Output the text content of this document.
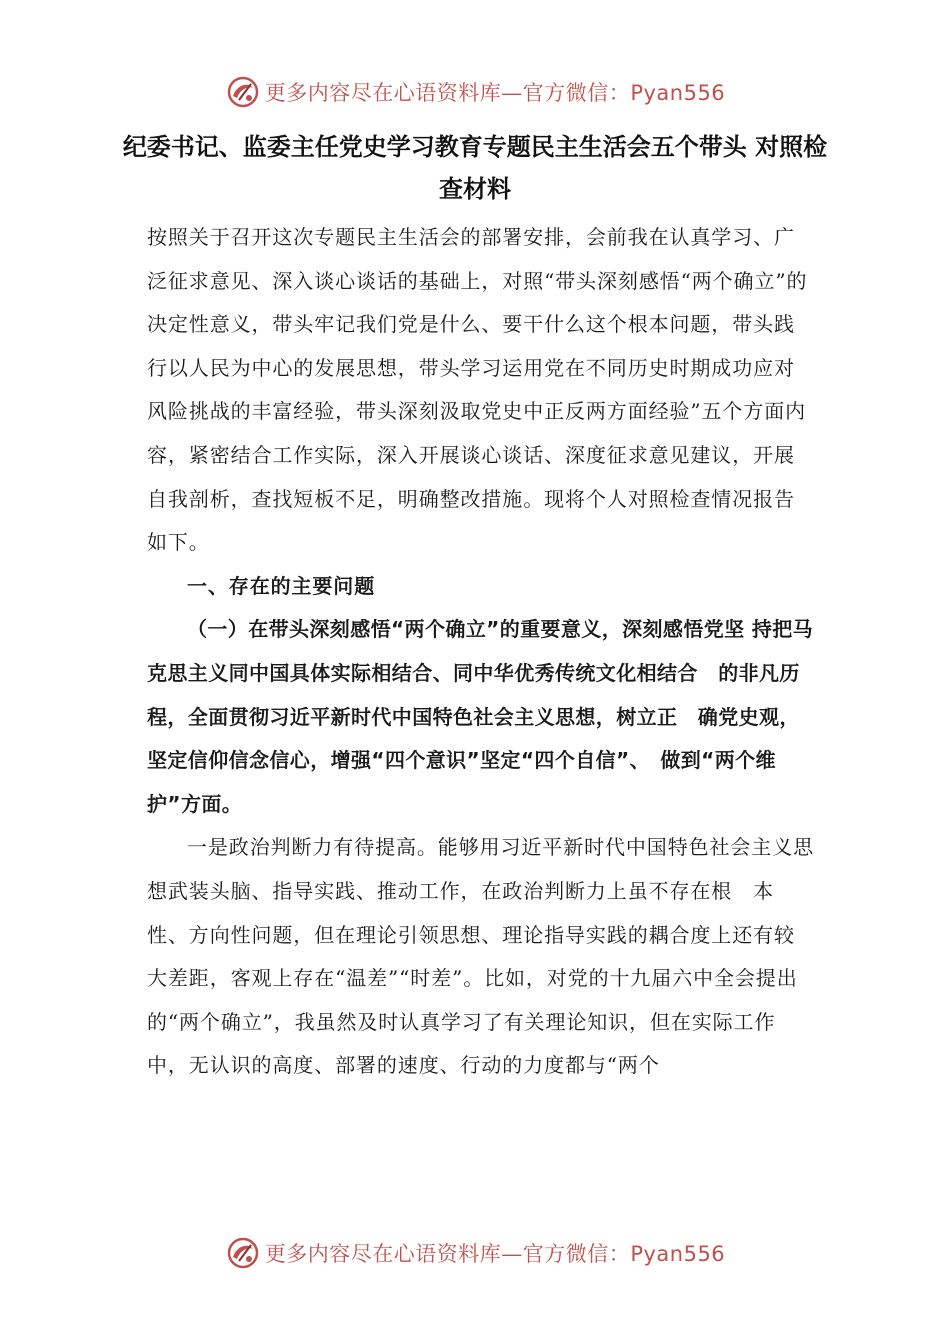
更多内容尽在心语资料库—官方微信：Pyan556
纪委书记、监委主任党史学习教育专题民主生活会五个带头 对照检查材料

按照关于召开这次专题民主生活会的部署安排，会前我在认真学习、广泛征求意见、深入谈心谈话的基础上，对照“带头深刻感悟“两个确立”的决定性意义，带头牢记我们党是什么、要干什么这个根本问题，带头践行以人民为中心的发展思想，带头学习运用党在不同历史时期成功应对风险挑战的丰富经验，带头深刻汲取党史中正反两方面经验”五个方面内容，紧密结合工作实际，深入开展谈心谈话、深度征求意见建议，开展自我剖析，查找短板不足，明确整改措施。现将个人对照检查情况报告如下。

一、存在的主要问题

（一）在带头深刻感悟“两个确立”的重要意义，深刻感悟党坚 持把马克思主义同中国具体实际相结合、同中华优秀传统文化相结合　的非凡历程，全面贯彻习近平新时代中国特色社会主义思想，树立正　确党史观，坚定信仰信念信心，增强“四个意识”坚定“四个自信”、　做到“两个维护”方面。

一是政治判断力有待提高。能够用习近平新时代中国特色社会主义思想武装头脑、指导实践、推动工作，在政治判断力上虽不存在根　本性、方向性问题，但在理论引领思想、理论指导实践的耦合度上还有较大差距，客观上存在“温差”“时差”。比如，对党的十九届六中全会提出的“两个确立”，我虽然及时认真学习了有关理论知识，但在实际工作中，无认识的高度、部署的速度、行动的力度都与“两个

更多内容尽在心语资料库—官方微信：Pyan556
